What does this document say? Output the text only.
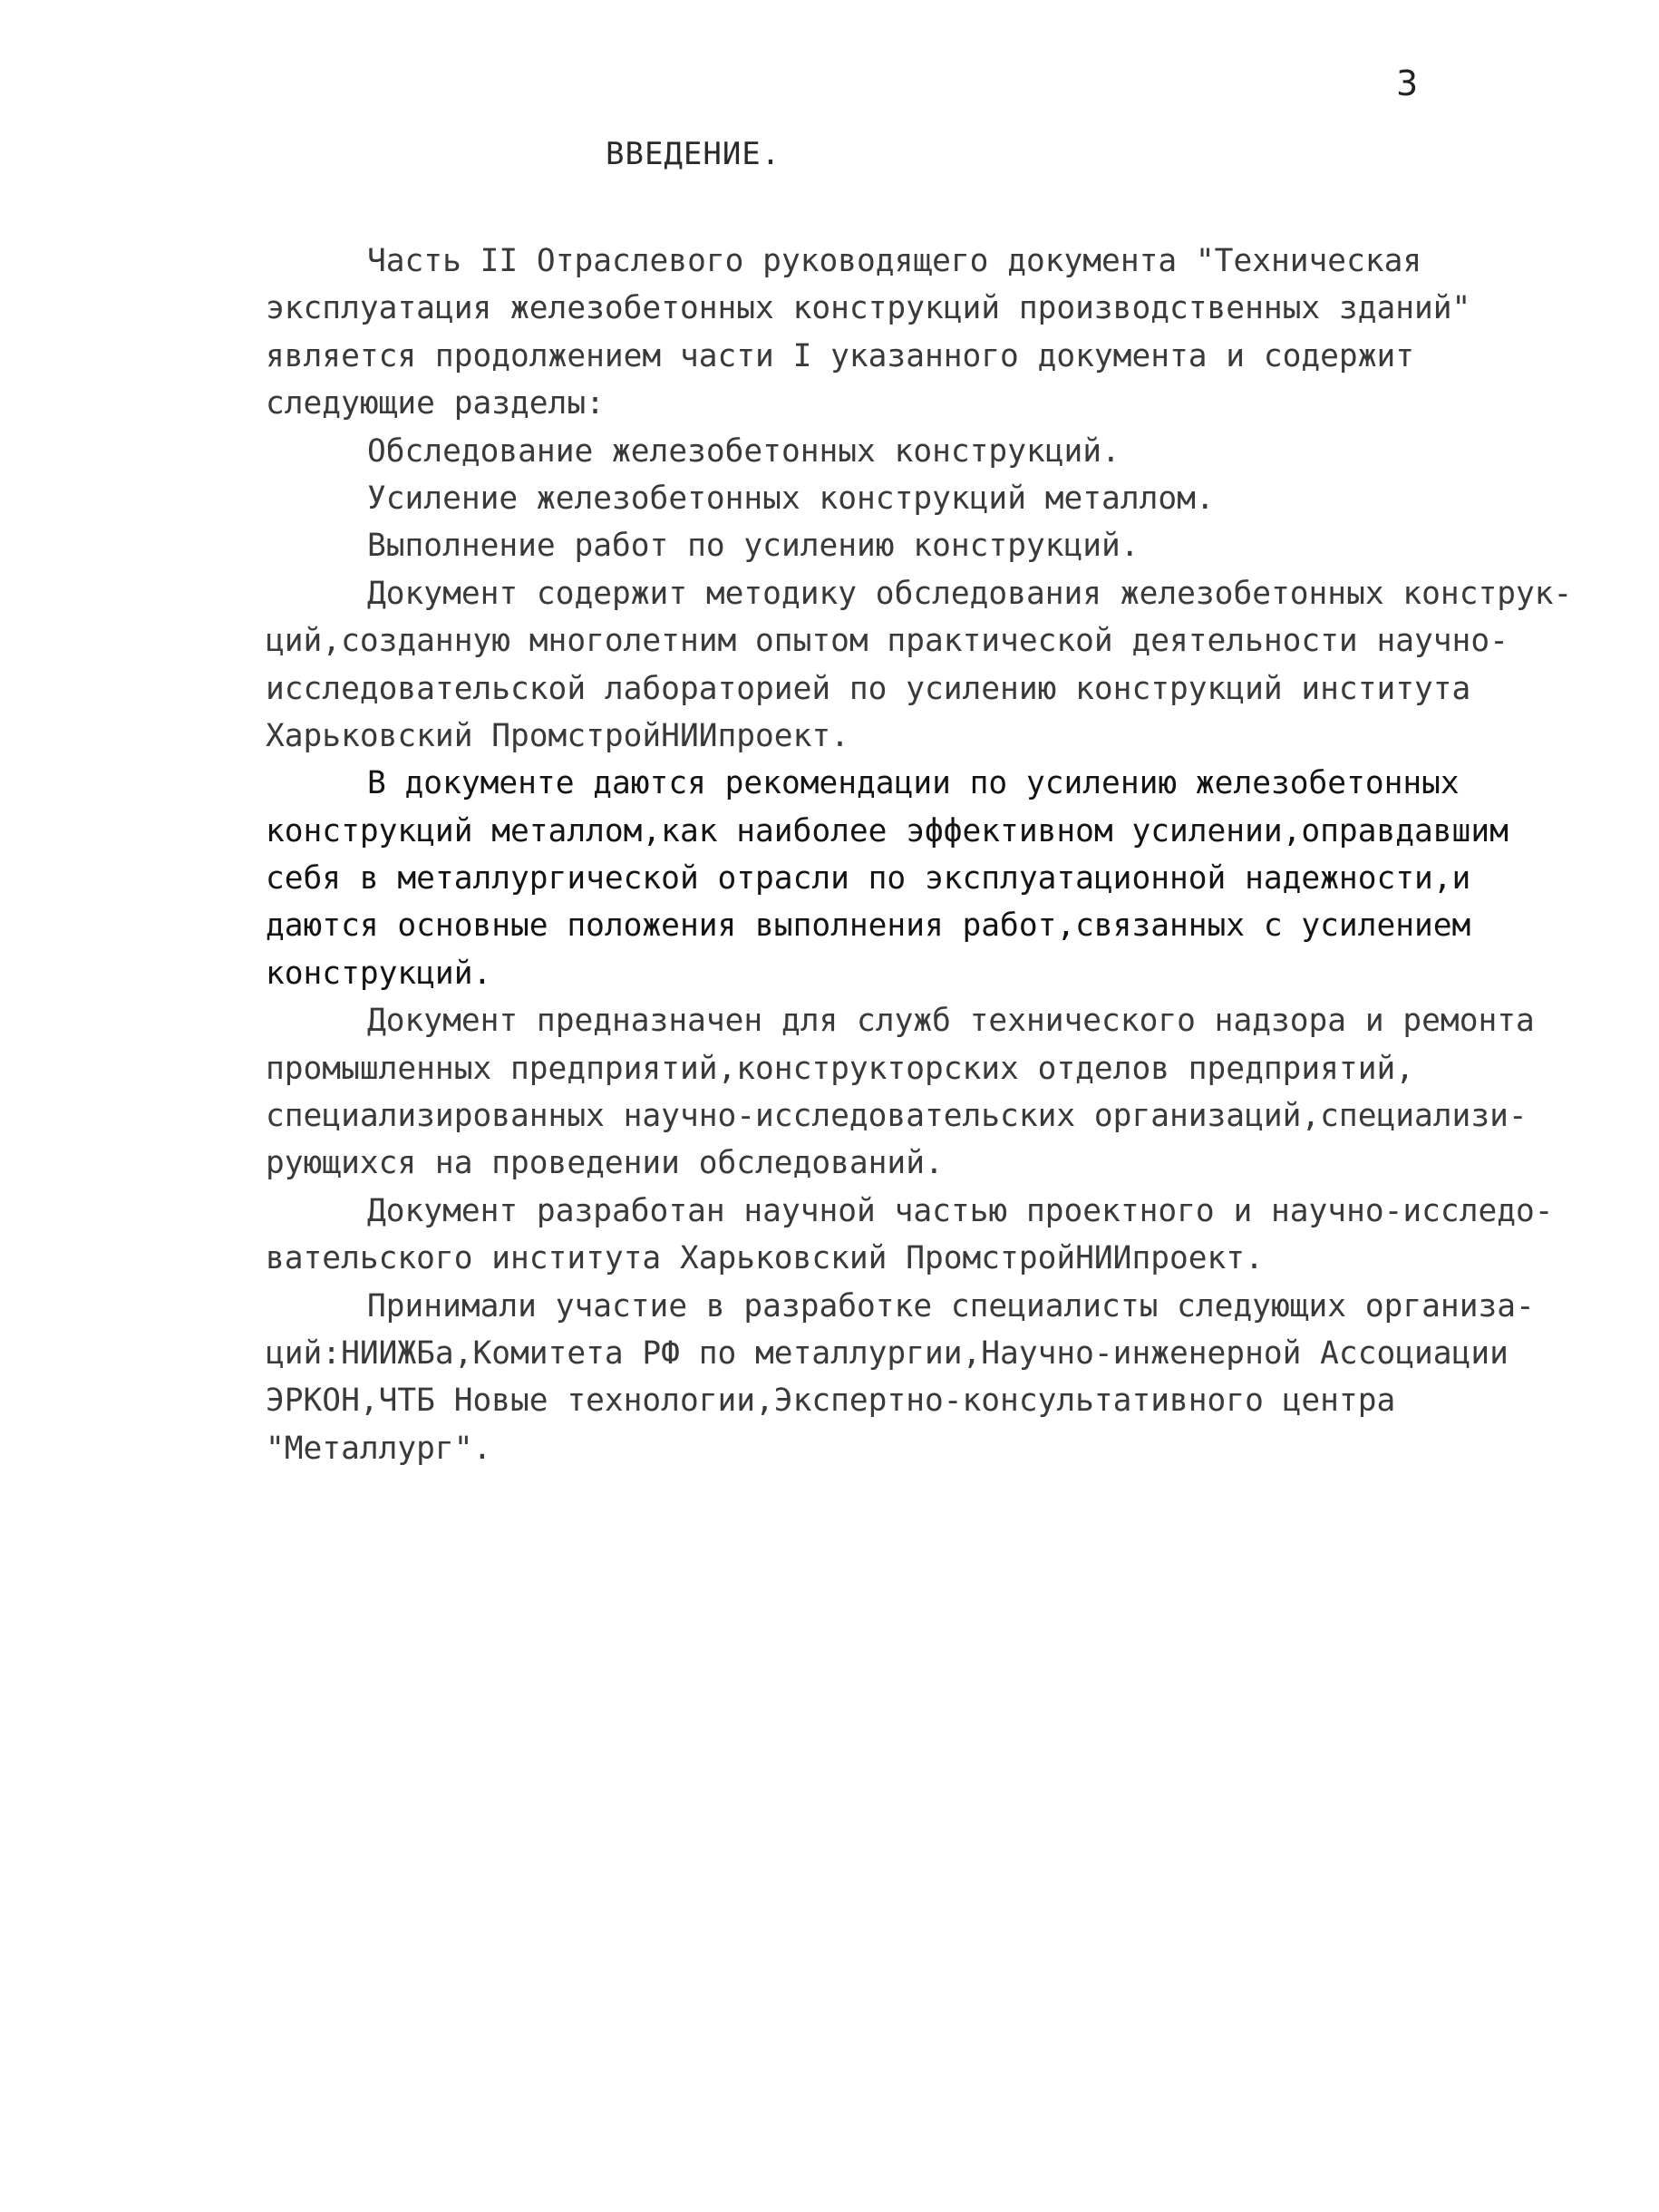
3
ВВЕДЕНИЕ.
Часть II Отраслевого руководящего документа "Техническая
эксплуатация железобетонных конструкций производственных зданий"
является продолжением части I указанного документа и содержит
следующие разделы:
Обследование железобетонных конструкций.
Усиление железобетонных конструкций металлом.
Выполнение работ по усилению конструкций.
Документ содержит методику обследования железобетонных конструк-
ций,созданную многолетним опытом практической деятельности научно-
исследовательской лабораторией по усилению конструкций института
Харьковский ПромстройНИИпроект.
В документе даются рекомендации по усилению железобетонных
конструкций металлом,как наиболее эффективном усилении,оправдавшим
себя в металлургической отрасли по эксплуатационной надежности,и
даются основные положения выполнения работ,связанных с усилением
конструкций.
Документ предназначен для служб технического надзора и ремонта
промышленных предприятий,конструкторских отделов предприятий,
специализированных научно-исследовательских организаций,специализи-
рующихся на проведении обследований.
Документ разработан научной частью проектного и научно-исследо-
вательского института Харьковский ПромстройНИИпроект.
Принимали участие в разработке специалисты следующих организа-
ций:НИИЖБа,Комитета РФ по металлургии,Научно-инженерной Ассоциации
ЭРКОН,ЧТБ Новые технологии,Экспертно-консультативного центра
"Металлург".
